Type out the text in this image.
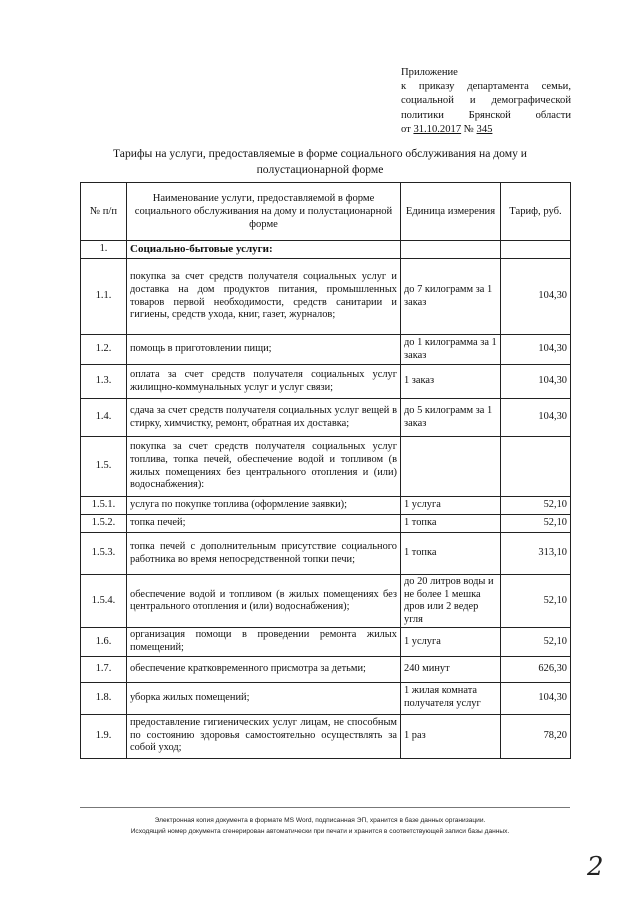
Приложение
к приказу департамента семьи,
социальной и демографической
политики Брянской области
от 31.10.2017 № 345
Тарифы на услуги, предоставляемые в форме социального обслуживания на дому и полустационарной форме
№ п/п	Наименование услуги, предоставляемой в форме социального обслуживания на дому и полустационарной форме	Единица измерения	Тариф, руб.
1.	Социально-бытовые услуги:		
1.1.	покупка за счет средств получателя социальных услуг и доставка на дом продуктов питания, промышленных товаров первой необходимости, средств санитарии и гигиены, средств ухода, книг, газет, журналов;	до 7 килограмм за 1 заказ	104,30
1.2.	помощь в приготовлении пищи;	до 1 килограмма за 1 заказ	104,30
1.3.	оплата за счет средств получателя социальных услуг жилищно-коммунальных услуг и услуг связи;	1 заказ	104,30
1.4.	сдача за счет средств получателя социальных услуг вещей в стирку, химчистку, ремонт, обратная их доставка;	до 5 килограмм за 1 заказ	104,30
1.5.	покупка за счет средств получателя социальных услуг топлива, топка печей, обеспечение водой и топливом (в жилых помещениях без центрального отопления и (или) водоснабжения):		
1.5.1.	услуга по покупке топлива (оформление заявки);	1 услуга	52,10
1.5.2.	топка печей;	1 топка	52,10
1.5.3.	топка печей с дополнительным присутствие социального работника во время непосредственной топки печи;	1 топка	313,10
1.5.4.	обеспечение водой и топливом (в жилых помещениях без центрального отопления и (или) водоснабжения);	до 20 литров воды и не более 1 мешка дров или 2 ведер угля	52,10
1.6.	организация помощи в проведении ремонта жилых помещений;	1 услуга	52,10
1.7.	обеспечение кратковременного присмотра за детьми;	240 минут	626,30
1.8.	уборка жилых помещений;	1 жилая комната получателя услуг	104,30
1.9.	предоставление гигиенических услуг лицам, не способным по состоянию здоровья самостоятельно осуществлять за собой уход;	1 раз	78,20
Электронная копия документа в формате MS Word, подписанная ЭП, хранится в базе данных организации.
Исходящий номер документа сгенерирован автоматически при печати и хранится в соответствующей записи базы данных.
2
